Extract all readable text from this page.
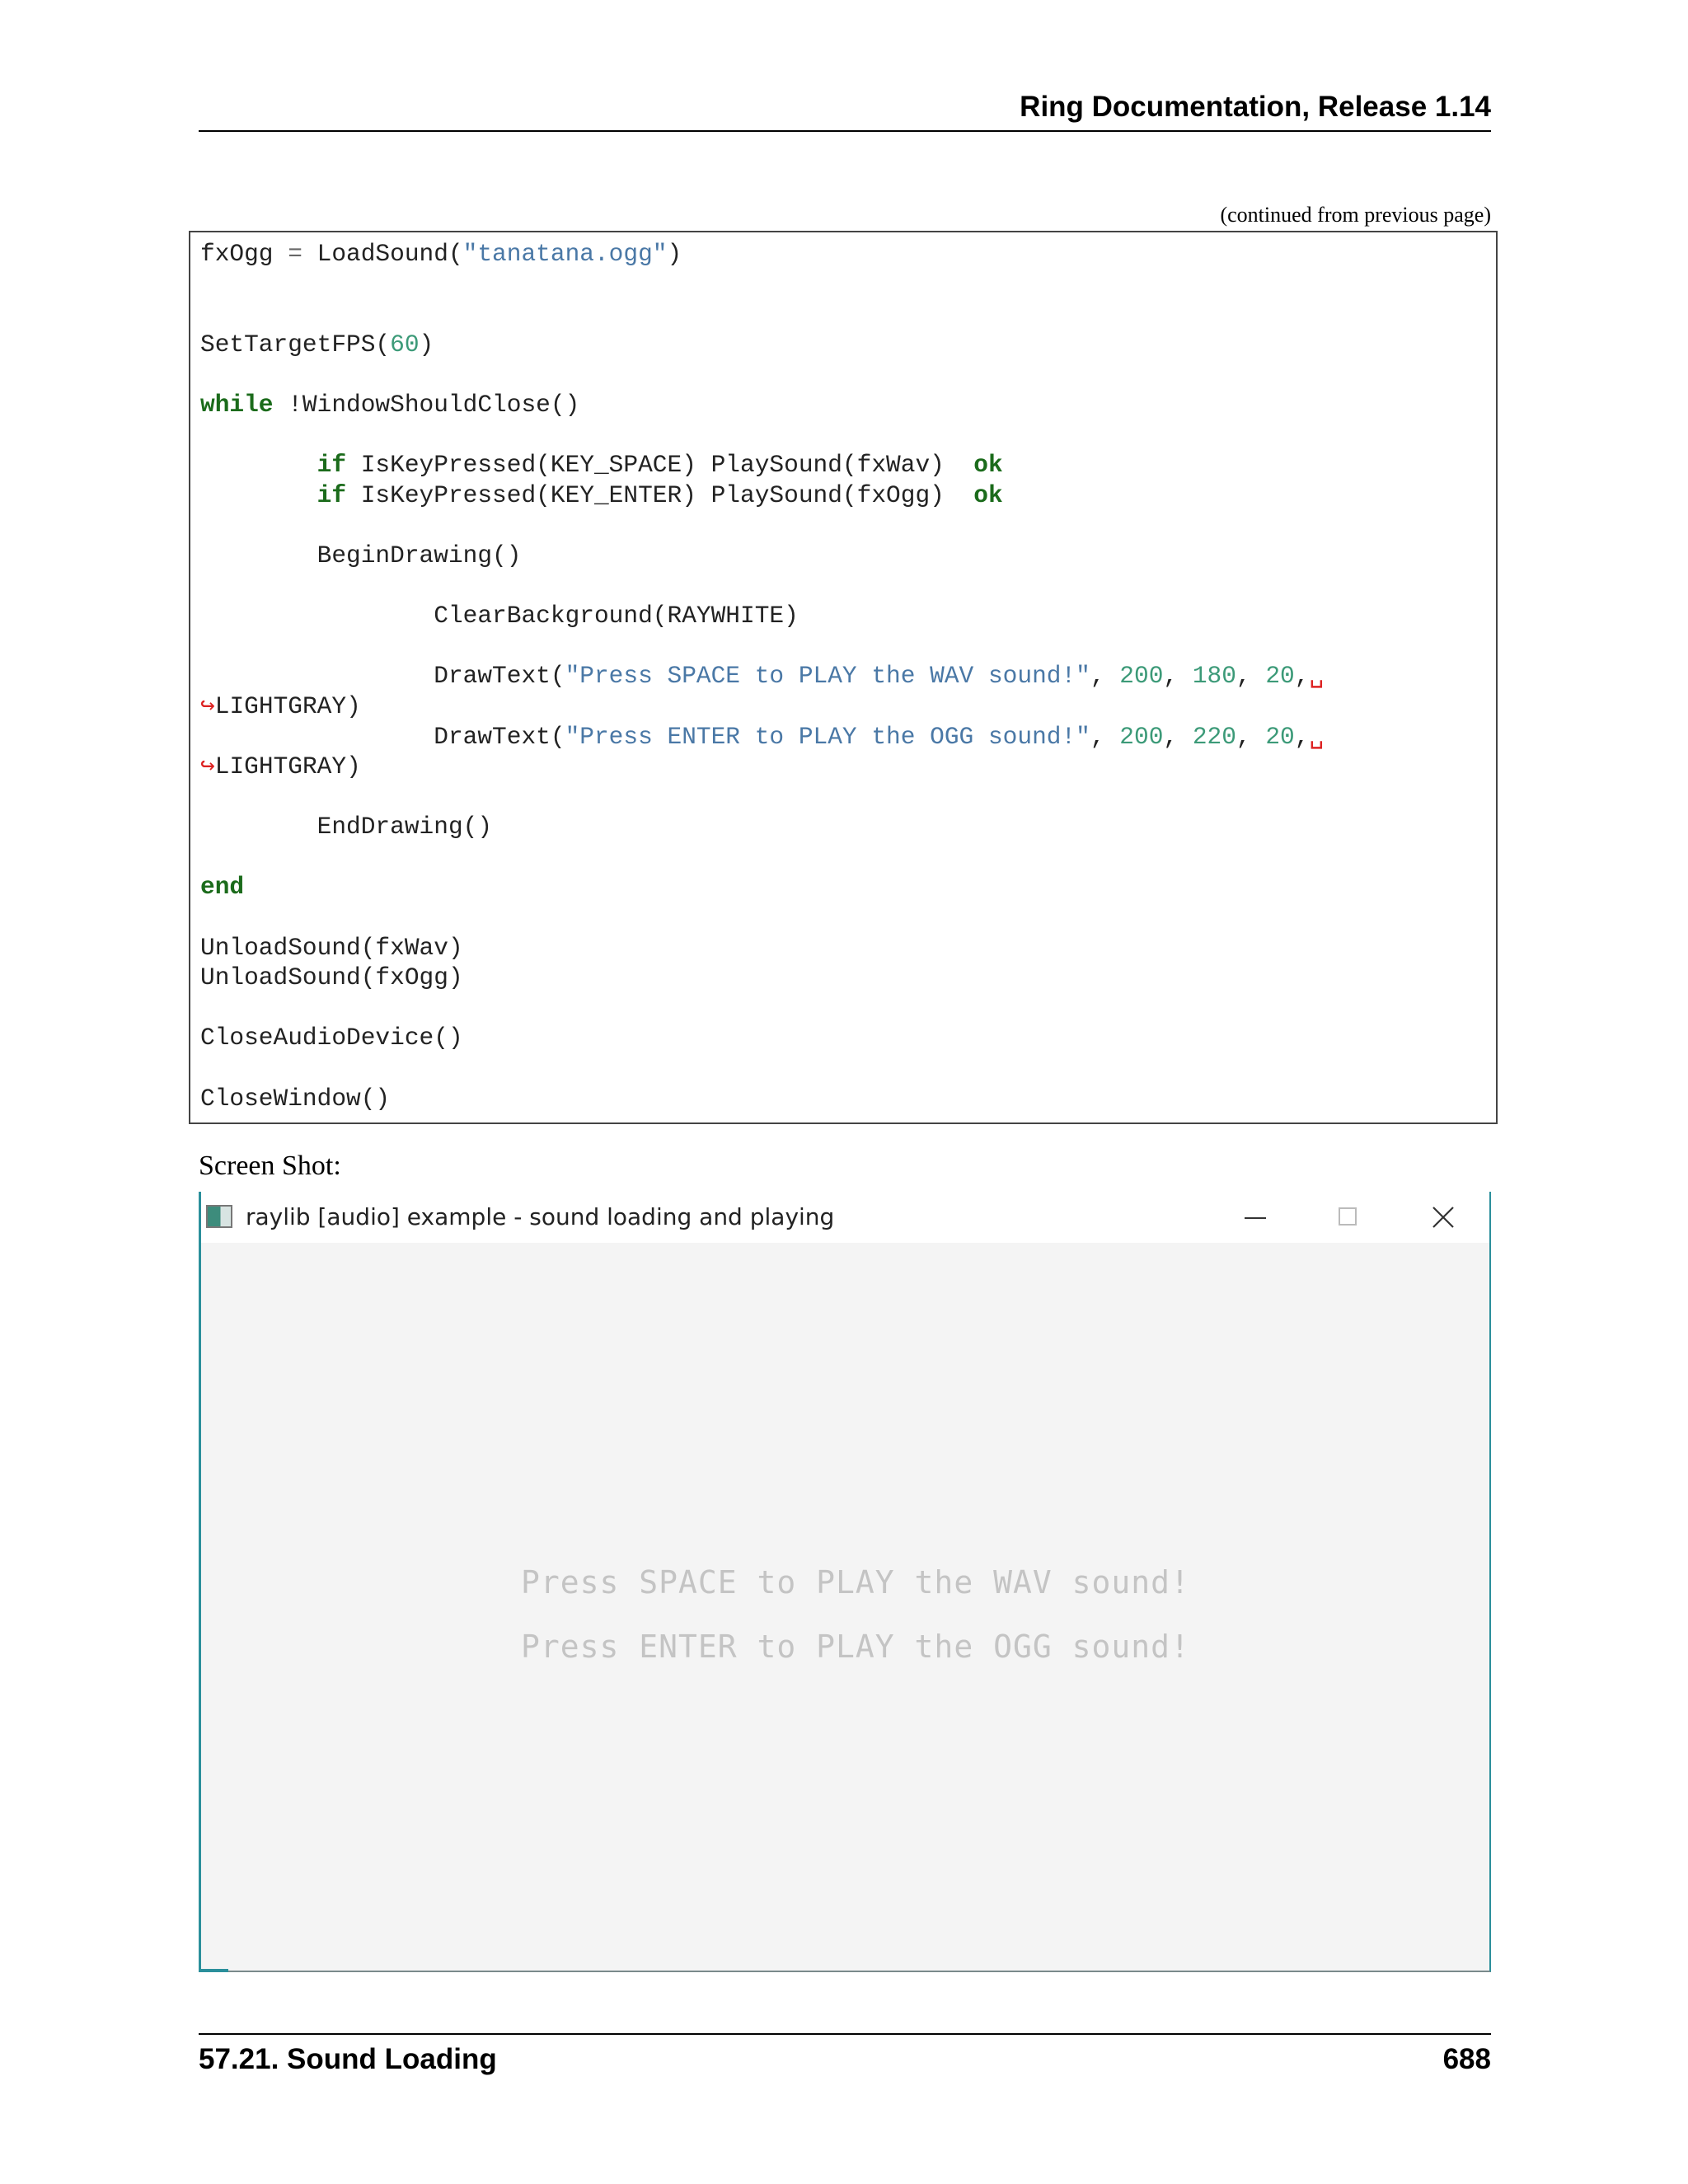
Ring Documentation, Release 1.14
(continued from previous page)
fxOgg = LoadSound("tanatana.ogg")

SetTargetFPS(60)

while !WindowShouldClose()

if IsKeyPressed(KEY_SPACE) PlaySound(fxWav)  ok
if IsKeyPressed(KEY_ENTER) PlaySound(fxOgg)  ok

BeginDrawing()

ClearBackground(RAYWHITE)

DrawText("Press SPACE to PLAY the WAV sound!", 200, 180, 20,␣
↪LIGHTGRAY)
DrawText("Press ENTER to PLAY the OGG sound!", 200, 220, 20,␣
↪LIGHTGRAY)

EndDrawing()

end

UnloadSound(fxWav)
UnloadSound(fxOgg)

CloseAudioDevice()

CloseWindow()
Screen Shot:
raylib [audio] example - sound loading and playing
Press SPACE to PLAY the WAV sound!
Press ENTER to PLAY the OGG sound!
57.21. Sound Loading	688
